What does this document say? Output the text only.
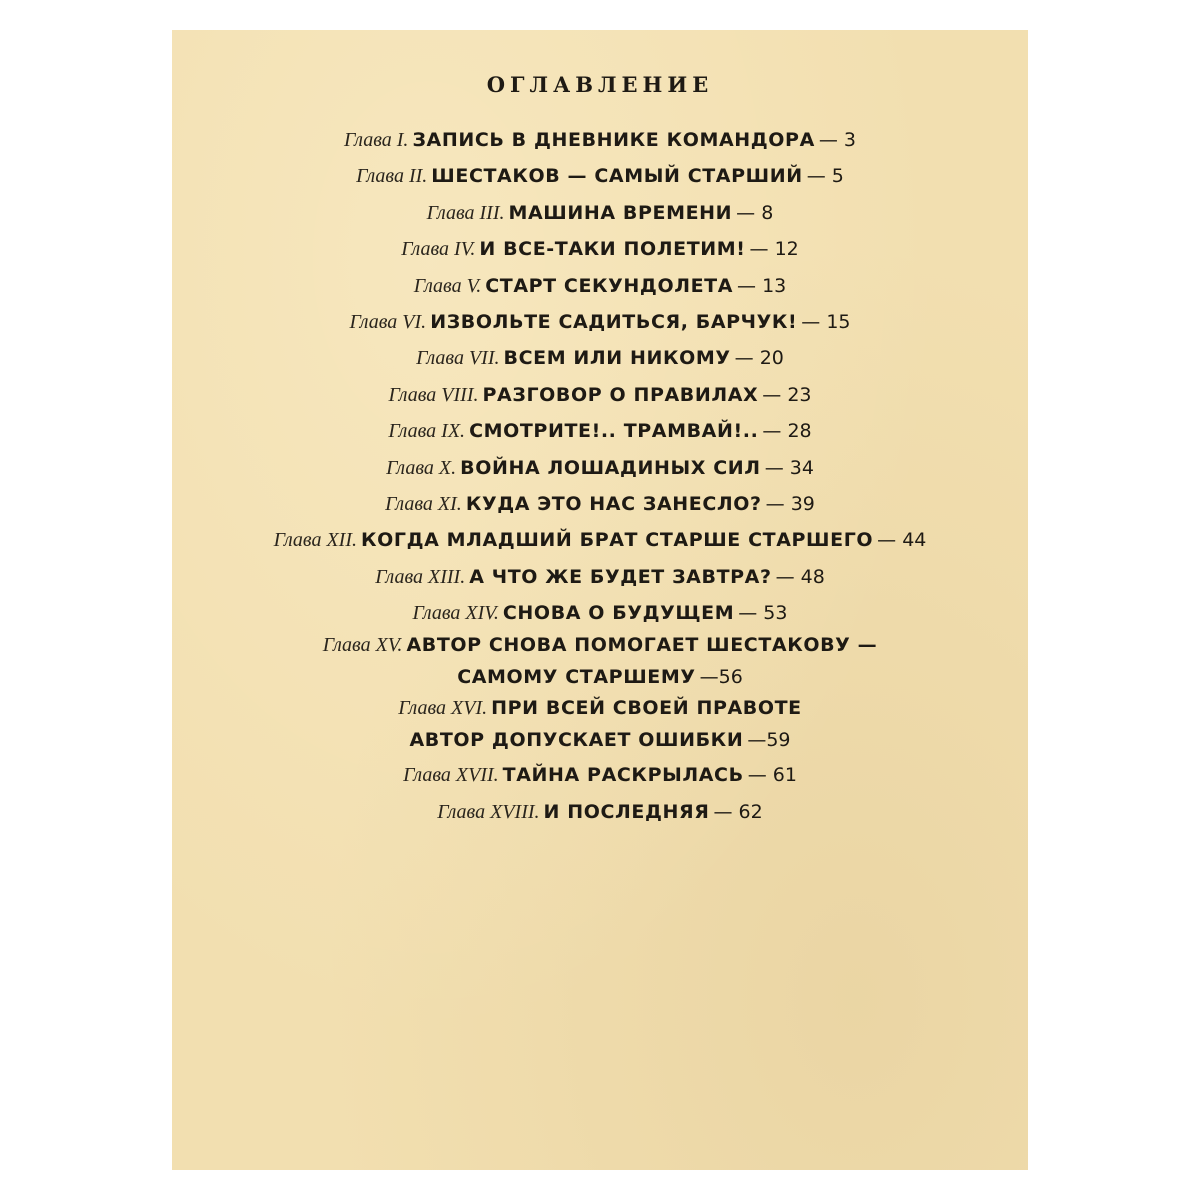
ОГЛАВЛЕНИЕ
Глава I. ЗАПИСЬ В ДНЕВНИКЕ КОМАНДОРА — 3
Глава II. ШЕСТАКОВ — САМЫЙ СТАРШИЙ — 5
Глава III. МАШИНА ВРЕМЕНИ — 8
Глава IV. И ВСЕ-ТАКИ ПОЛЕТИМ! — 12
Глава V. СТАРТ СЕКУНДОЛЕТА — 13
Глава VI. ИЗВОЛЬТЕ САДИТЬСЯ, БАРЧУК! — 15
Глава VII. ВСЕМ ИЛИ НИКОМУ — 20
Глава VIII. РАЗГОВОР О ПРАВИЛАХ — 23
Глава IX. СМОТРИТЕ!.. ТРАМВАЙ!.. — 28
Глава X. ВОЙНА ЛОШАДИНЫХ СИЛ — 34
Глава XI. КУДА ЭТО НАС ЗАНЕСЛО? — 39
Глава XII. КОГДА МЛАДШИЙ БРАТ СТАРШЕ СТАРШЕГО — 44
Глава XIII. А ЧТО ЖЕ БУДЕТ ЗАВТРА? — 48
Глава XIV. СНОВА О БУДУЩЕМ — 53
Глава XV. АВТОР СНОВА ПОМОГАЕТ ШЕСТАКОВУ —
САМОМУ СТАРШЕМУ —56
Глава XVI. ПРИ ВСЕЙ СВОЕЙ ПРАВОТЕ
АВТОР ДОПУСКАЕТ ОШИБКИ —59
Глава XVII. ТАЙНА РАСКРЫЛАСЬ — 61
Глава XVIII. И ПОСЛЕДНЯЯ — 62
